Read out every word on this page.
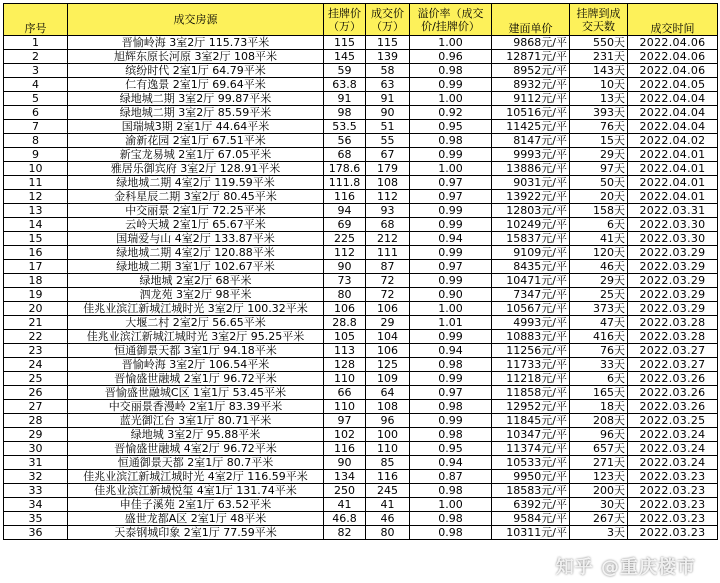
序号	成交房源	挂牌价（万）	成交价（万）	溢价率（成交价/挂牌价）	建面单价	挂牌到成交天数	成交时间
1	晋愉岭海 3室2厅 115.73平米	115	115	1.00	9868元/平	550天	2022.04.06
2	旭辉东原长河原 3室2厅 108平米	145	139	0.96	12871元/平	231天	2022.04.06
3	缤纷时代 2室1厅 64.79平米	59	58	0.98	8952元/平	143天	2022.04.06
4	仁有逸景 2室1厅 69.64平米	63.8	63	0.99	8932元/平	10天	2022.04.05
5	绿地城二期 3室2厅 99.87平米	91	91	1.00	9112元/平	13天	2022.04.04
6	绿地城二期 3室2厅 85.59平米	98	90	0.92	10516元/平	393天	2022.04.04
7	国瑞城3期 2室1厅 44.64平米	53.5	51	0.95	11425元/平	76天	2022.04.04
8	渝新花园 2室1厅 67.51平米	56	55	0.98	8147元/平	15天	2022.04.02
9	新宝龙易城 2室1厅 67.05平米	68	67	0.99	9993元/平	29天	2022.04.01
10	雅居乐御宾府 3室2厅 128.91平米	178.6	179	1.00	13886元/平	97天	2022.04.01
11	绿地城二期 4室2厅 119.59平米	111.8	108	0.97	9031元/平	50天	2022.04.01
12	金科星辰二期 3室2厅 80.45平米	116	112	0.97	13922元/平	20天	2022.04.01
13	中交丽景 2室1厅 72.25平米	94	93	0.99	12803元/平	158天	2022.03.31
14	云岭天城 2室1厅 65.67平米	69	68	0.99	10249元/平	6天	2022.03.30
15	国瑞爱与山 4室2厅 133.87平米	225	212	0.94	15837元/平	41天	2022.03.30
16	绿地城二期 4室2厅 120.88平米	112	111	0.99	9109元/平	120天	2022.03.29
17	绿地城二期 3室1厅 102.67平米	90	87	0.97	8435元/平	46天	2022.03.29
18	绿地城 2室2厅 68平米	73	72	0.99	10471元/平	29天	2022.03.29
19	泗龙苑 3室2厅 98平米	80	72	0.90	7347元/平	25天	2022.03.29
20	佳兆业滨江新城江城时光 3室2厅 100.32平米	106	106	1.00	10567元/平	373天	2022.03.29
21	大堰二村 2室2厅 56.65平米	28.8	29	1.01	4993元/平	47天	2022.03.28
22	佳兆业滨江新城江城时光 3室2厅 95.25平米	105	104	0.99	10883元/平	416天	2022.03.28
23	恒通御景天都 3室1厅 94.18平米	113	106	0.94	11256元/平	76天	2022.03.27
24	晋愉岭海 3室2厅 106.54平米	128	125	0.98	11733元/平	33天	2022.03.27
25	晋愉盛世融城 2室1厅 96.72平米	110	109	0.99	11218元/平	6天	2022.03.26
26	晋愉盛世融城C区 1室1厅 53.45平米	66	64	0.97	11858元/平	165天	2022.03.26
27	中交丽景香漫岭 2室1厅 83.39平米	110	108	0.98	12952元/平	18天	2022.03.26
28	蓝光御江台 3室1厅 80.71平米	97	96	0.99	11845元/平	208天	2022.03.25
29	绿地城 3室2厅 95.88平米	102	100	0.98	10347元/平	96天	2022.03.24
30	晋愉盛世融城 4室2厅 96.72平米	116	110	0.95	11374元/平	657天	2022.03.24
31	恒通御景天都 2室1厅 80.7平米	90	85	0.94	10533元/平	271天	2022.03.24
32	佳兆业滨江新城江城时光 4室2厅 116.59平米	134	116	0.87	9950元/平	123天	2022.03.23
33	佳兆业滨江新城悦玺 4室1厅 131.74平米	250	245	0.98	18583元/平	200天	2022.03.23
34	申佳子溪苑 2室1厅 63.52平米	41	41	1.00	6392元/平	30天	2022.03.23
35	盛世龙都A区 2室1厅 48平米	46.8	46	0.98	9584元/平	267天	2022.03.23
36	天泰钢城印象 2室1厅 77.59平米	82	80	0.98	10311元/平	3天	2022.03.23
知乎 @重庆楼市
